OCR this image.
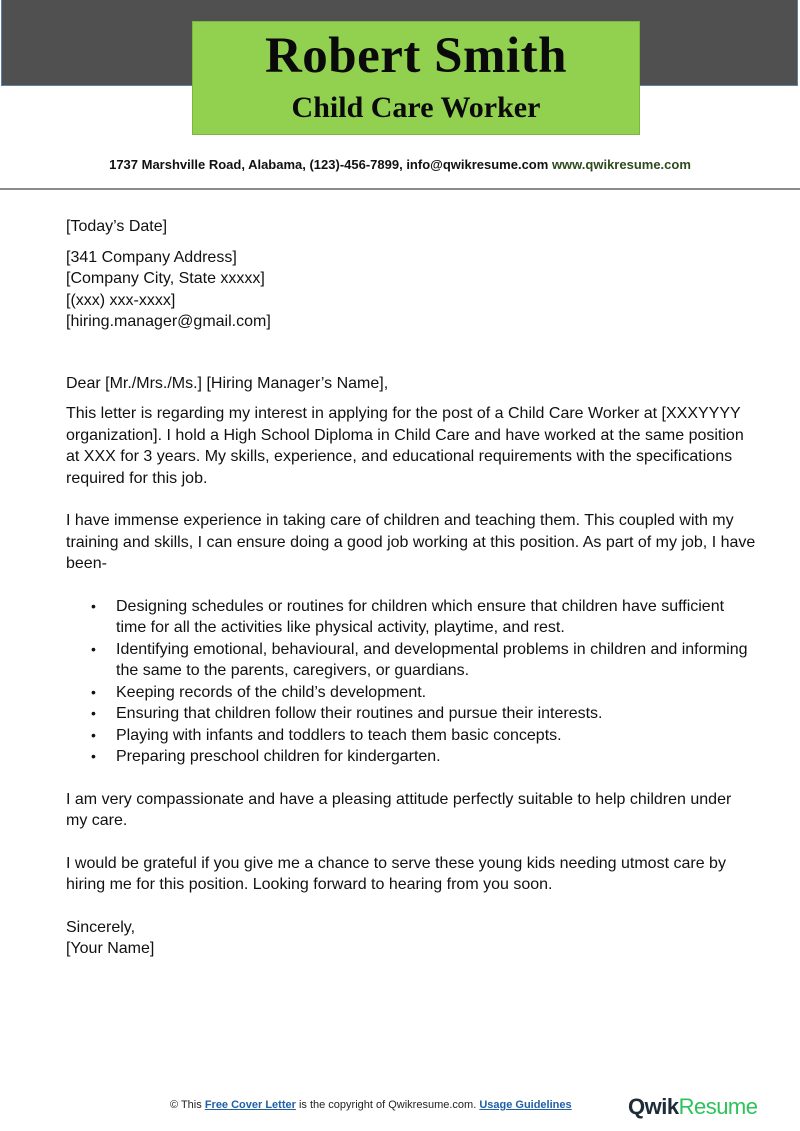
Robert Smith
Child Care Worker
1737 Marshville Road, Alabama, (123)-456-7899, info@qwikresume.com www.qwikresume.com

[Today’s Date]

[341 Company Address]

[Company City, State xxxxx]

[(xxx) xxx-xxxx]

[hiring.manager@gmail.com]

Dear [Mr./Mrs./Ms.] [Hiring Manager’s Name],

This letter is regarding my interest in applying for the post of a Child Care Worker at [XXXYYYY organization]. I hold a High School Diploma in Child Care and have worked at the same position at XXX for 3 years. My skills, experience, and educational requirements with the specifications required for this job.

I have immense experience in taking care of children and teaching them. This coupled with my training and skills, I can ensure doing a good job working at this position. As part of my job, I have been-

• Designing schedules or routines for children which ensure that children have sufficient time for all the activities like physical activity, playtime, and rest.
• Identifying emotional, behavioural, and developmental problems in children and informing the same to the parents, caregivers, or guardians.
• Keeping records of the child’s development.
• Ensuring that children follow their routines and pursue their interests.
• Playing with infants and toddlers to teach them basic concepts.
• Preparing preschool children for kindergarten.

I am very compassionate and have a pleasing attitude perfectly suitable to help children under my care.

I would be grateful if you give me a chance to serve these young kids needing utmost care by hiring me for this position. Looking forward to hearing from you soon.

Sincerely,

[Your Name]

© This Free Cover Letter is the copyright of Qwikresume.com. Usage Guidelines	QwikResume
